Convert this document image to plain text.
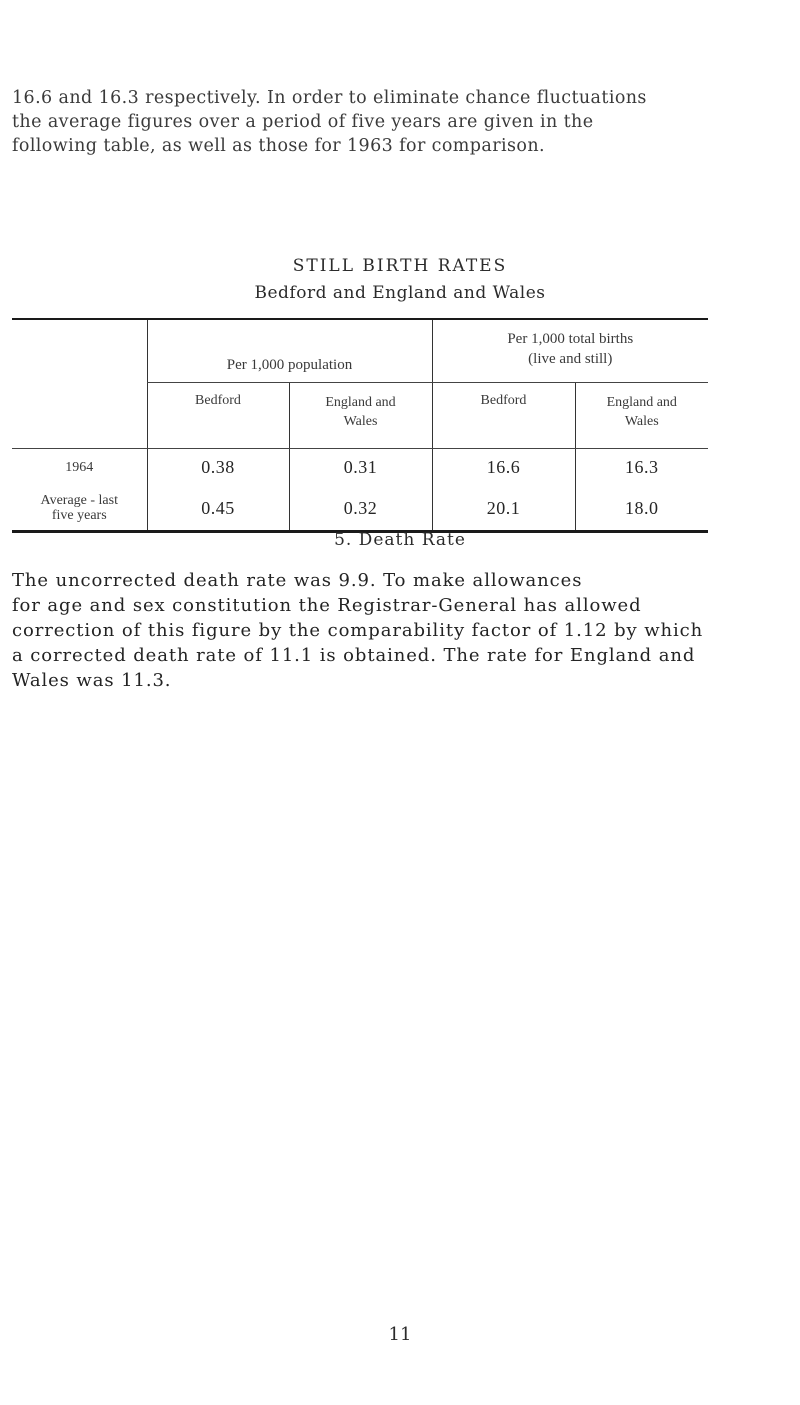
16.6 and 16.3 respectively. In order to eliminate chance fluctuations
the average figures over a period of five years are given in the
following table, as well as those for 1963 for comparison.

STILL BIRTH RATES

Bedford and England and Wales

	Per 1,000 population		Per 1,000 total births
(live and still)	
	Bedford	England and
Wales	Bedford	England and
Wales
1964	0.38	0.31	16.6	16.3
Average - last
five years	0.45	0.32	20.1	18.0

5. Death Rate

The uncorrected death rate was 9.9. To make allowances
for age and sex constitution the Registrar-General has allowed
correction of this figure by the comparability factor of 1.12 by which
a corrected death rate of 11.1 is obtained. The rate for England and
Wales was 11.3.

11
